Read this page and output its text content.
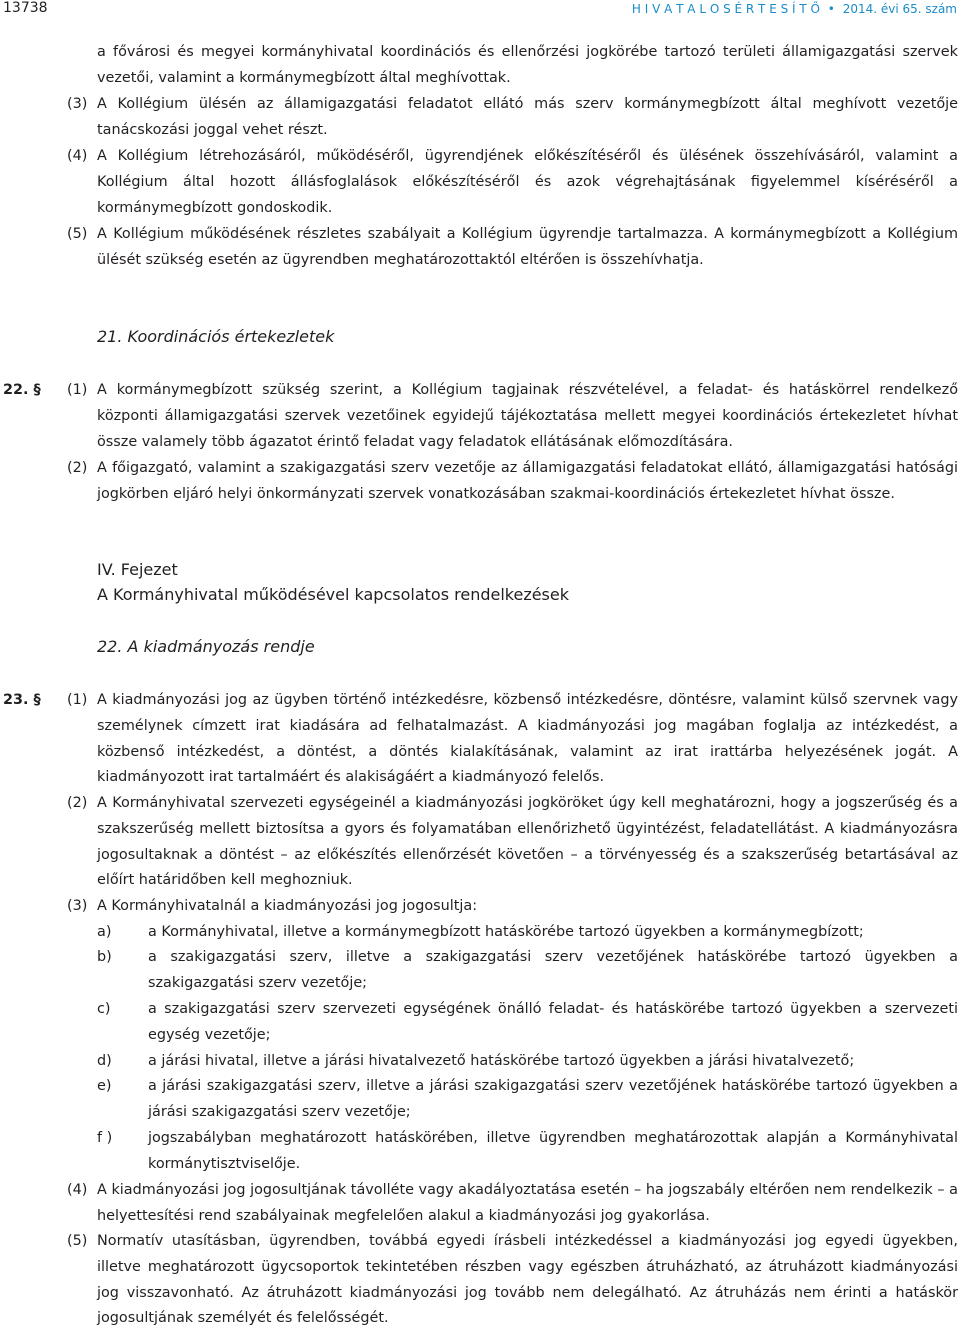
13738	H I V A T A L O S É R T E S Í T Ő • 2014. évi 65. szám
a fővárosi és megyei kormányhivatal koordinációs és ellenőrzési jogkörébe tartozó területi államigazgatási szervek vezetői, valamint a kormánymegbízott által meghívottak.
(3) A Kollégium ülésén az államigazgatási feladatot ellátó más szerv kormánymegbízott által meghívott vezetője tanácskozási joggal vehet részt.
(4) A Kollégium létrehozásáról, működéséről, ügyrendjének előkészítéséről és ülésének összehívásáról, valamint a Kollégium által hozott állásfoglalások előkészítéséről és azok végrehajtásának figyelemmel kíséréséről a kormánymegbízott gondoskodik.
(5) A Kollégium működésének részletes szabályait a Kollégium ügyrendje tartalmazza. A kormánymegbízott a Kollégium ülését szükség esetén az ügyrendben meghatározottaktól eltérően is összehívhatja.
21. Koordinációs értekezletek
22. § (1) A kormánymegbízott szükség szerint, a Kollégium tagjainak részvételével, a feladat- és hatáskörrel rendelkező központi államigazgatási szervek vezetőinek egyidejű tájékoztatása mellett megyei koordinációs értekezletet hívhat össze valamely több ágazatot érintő feladat vagy feladatok ellátásának előmozdítására.
(2) A főigazgató, valamint a szakigazgatási szerv vezetője az államigazgatási feladatokat ellátó, államigazgatási hatósági jogkörben eljáró helyi önkormányzati szervek vonatkozásában szakmai-koordinációs értekezletet hívhat össze.
IV. Fejezet
A Kormányhivatal működésével kapcsolatos rendelkezések
22. A kiadmányozás rendje
23. § (1) A kiadmányozási jog az ügyben történő intézkedésre, közbenső intézkedésre, döntésre, valamint külső szervnek vagy személynek címzett irat kiadására ad felhatalmazást. A kiadmányozási jog magában foglalja az intézkedést, a közbenső intézkedést, a döntést, a döntés kialakításának, valamint az irat irattárba helyezésének jogát. A kiadmányozott irat tartalmáért és alakiságáért a kiadmányozó felelős.
(2) A Kormányhivatal szervezeti egységeinél a kiadmányozási jogköröket úgy kell meghatározni, hogy a jogszerűség és a szakszerűség mellett biztosítsa a gyors és folyamatában ellenőrizhető ügyintézést, feladatellátást. A kiadmányozásra jogosultaknak a döntést – az előkészítés ellenőrzését követően – a törvényesség és a szakszerűség betartásával az előírt határidőben kell meghozniuk.
(3) A Kormányhivatalnál a kiadmányozási jog jogosultja:
a)	a Kormányhivatal, illetve a kormánymegbízott hatáskörébe tartozó ügyekben a kormánymegbízott;
b)	a szakigazgatási szerv, illetve a szakigazgatási szerv vezetőjének hatáskörébe tartozó ügyekben a szakigazgatási szerv vezetője;
c)	a szakigazgatási szerv szervezeti egységének önálló feladat- és hatáskörébe tartozó ügyekben a szervezeti egység vezetője;
d)	a járási hivatal, illetve a járási hivatalvezető hatáskörébe tartozó ügyekben a járási hivatalvezető;
e)	a járási szakigazgatási szerv, illetve a járási szakigazgatási szerv vezetőjének hatáskörébe tartozó ügyekben a járási szakigazgatási szerv vezetője;
f ) jogszabályban meghatározott hatáskörében, illetve ügyrendben meghatározottak alapján a Kormányhivatal kormánytisztviselője.
(4) A kiadmányozási jog jogosultjának távolléte vagy akadályoztatása esetén – ha jogszabály eltérően nem rendelkezik – a helyettesítési rend szabályainak megfelelően alakul a kiadmányozási jog gyakorlása.
(5) Normatív utasításban, ügyrendben, továbbá egyedi írásbeli intézkedéssel a kiadmányozási jog egyedi ügyekben, illetve meghatározott ügycsoportok tekintetében részben vagy egészben átruházható, az átruházott kiadmányozási jog visszavonható. Az átruházott kiadmányozási jog tovább nem delegálható. Az átruházás nem érinti a hatáskör jogosultjának személyét és felelősségét.
